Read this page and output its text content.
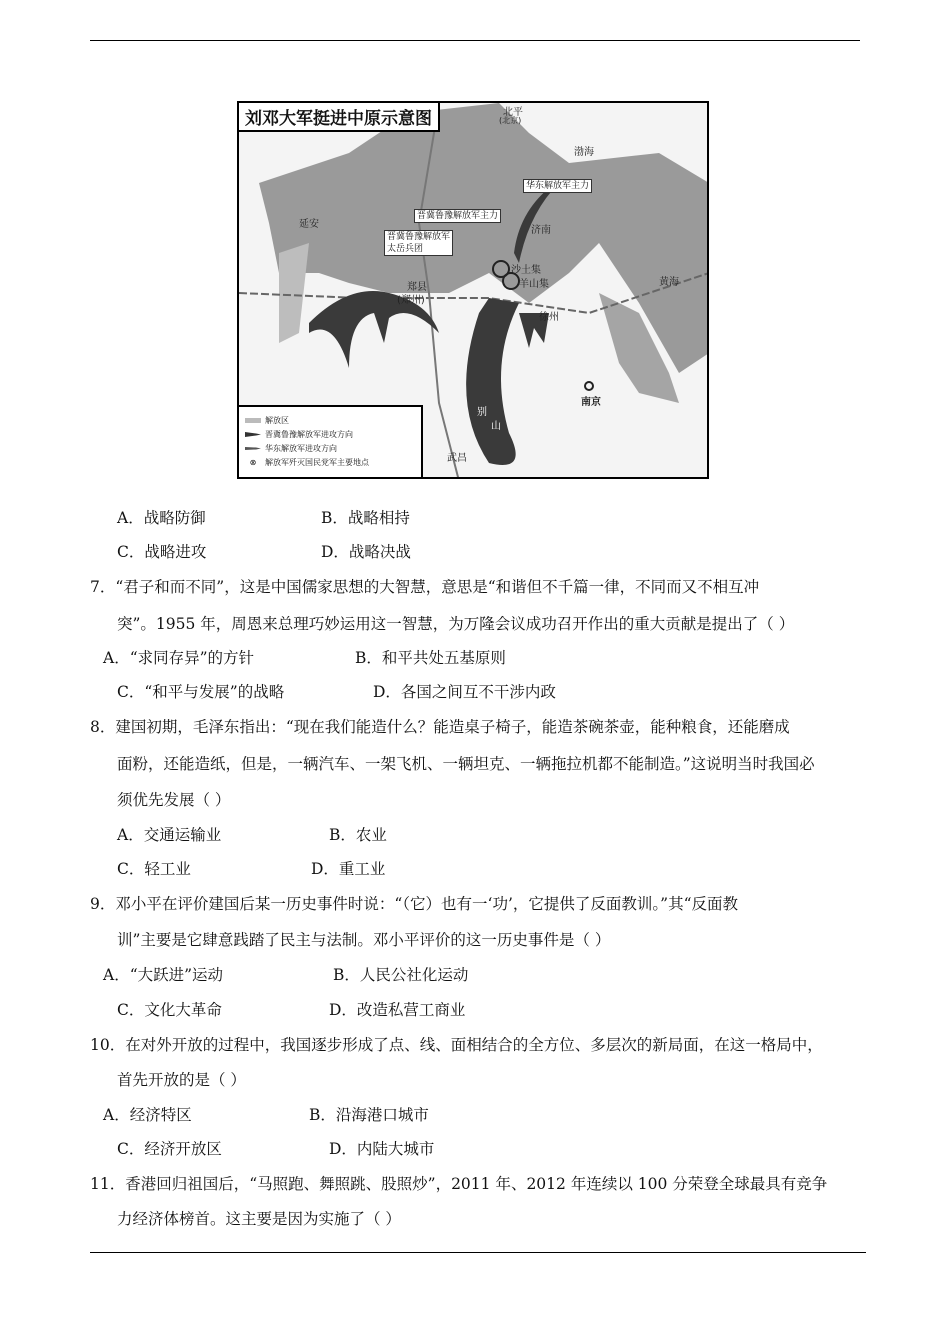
刘邓大军挺进中原示意图	北平
(北京)
渤海
黄海
延安
济南
郑县
(郑州)
沙土集
羊山集
徐州
南京
武昌
别
山
华东解放军主力
晋冀鲁豫解放军主力
晋冀鲁豫解放军
太岳兵团
解放区
晋冀鲁豫解放军进攻方向
华东解放军进攻方向
⊗	解放军歼灭国民党军主要地点
A．战略防御	B．战略相持
C．战略进攻	D．战略决战
7．“君子和而不同”，这是中国儒家思想的大智慧，意思是“和谐但不千篇一律，不同而又不相互冲
突”。1955 年，周恩来总理巧妙运用这一智慧，为万隆会议成功召开作出的重大贡献是提出了（ ）
A．“求同存异”的方针	B．和平共处五基原则
C．“和平与发展”的战略	D．各国之间互不干涉内政
8．建国初期，毛泽东指出：“现在我们能造什么？能造桌子椅子，能造茶碗茶壶，能种粮食，还能磨成
面粉，还能造纸，但是，一辆汽车、一架飞机、一辆坦克、一辆拖拉机都不能制造。”这说明当时我国必
须优先发展（ ）
A．交通运输业	B．农业
C．轻工业	D．重工业
9．邓小平在评价建国后某一历史事件时说：“（它）也有一‘功’，它提供了反面教训。”其“反面教
训”主要是它肆意践踏了民主与法制。邓小平评价的这一历史事件是（ ）
A．“大跃进”运动	B．人民公社化运动
C．文化大革命	D．改造私营工商业
10．在对外开放的过程中，我国逐步形成了点、线、面相结合的全方位、多层次的新局面，在这一格局中，
首先开放的是（ ）
A．经济特区	B．沿海港口城市
C．经济开放区	D．内陆大城市
11．香港回归祖国后，“马照跑、舞照跳、股照炒”，2011 年、2012 年连续以 100 分荣登全球最具有竞争
力经济体榜首。这主要是因为实施了（ ）
